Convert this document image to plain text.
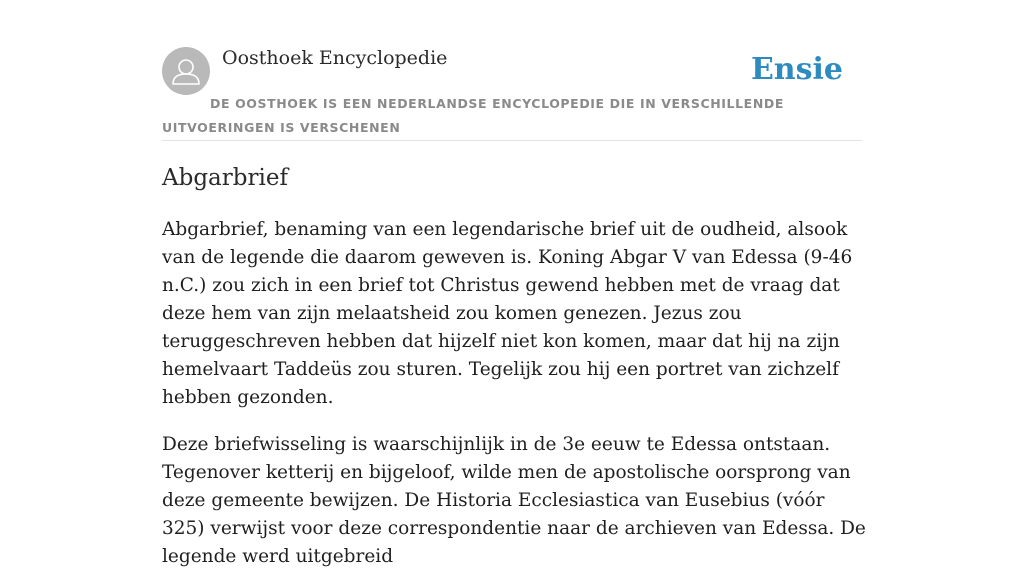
Oosthoek Encyclopedie	Ensie
DE OOSTHOEK IS EEN NEDERLANDSE ENCYCLOPEDIE DIE IN VERSCHILLENDE UITVOERINGEN IS VERSCHENEN
Abgarbrief

Abgarbrief, benaming van een legendarische brief uit de oudheid, alsook van de legende die daarom geweven is. Koning Abgar V van Edessa (9-46 n.C.) zou zich in een brief tot Christus gewend hebben met de vraag dat deze hem van zijn melaatsheid zou komen genezen. Jezus zou teruggeschreven hebben dat hijzelf niet kon komen, maar dat hij na zijn hemelvaart Taddeüs zou sturen. Tegelijk zou hij een portret van zichzelf hebben gezonden.

Deze briefwisseling is waarschijnlijk in de 3e eeuw te Edessa ontstaan. Tegenover ketterij en bijgeloof, wilde men de apostolische oorsprong van deze gemeente bewijzen. De Historia Ecclesiastica van Eusebius (vóór 325) verwijst voor deze correspondentie naar de archieven van Edessa. De legende werd uitgebreid
